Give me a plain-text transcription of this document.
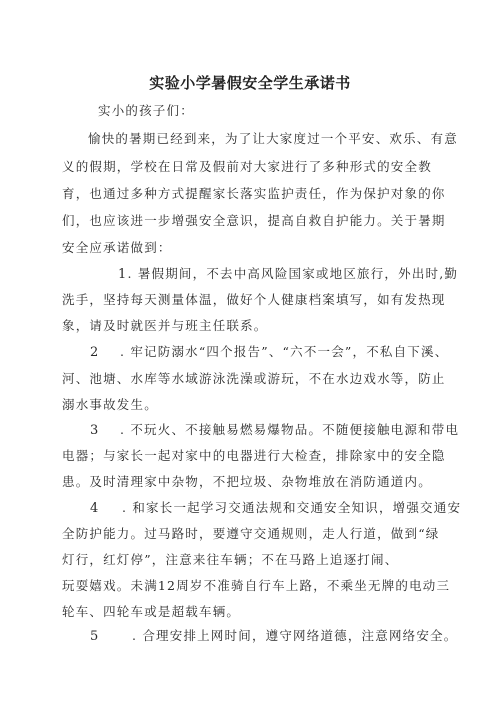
实验小学暑假安全学生承诺书
实小的孩子们：
愉快的暑期已经到来，为了让大家度过一个平安、欢乐、有意
义的假期，学校在日常及假前对大家进行了多种形式的安全教
育，也通过多种方式提醒家长落实监护责任，作为保护对象的你
们，也应该进一步增强安全意识，提高自救自护能力。关于暑期
安全应承诺做到：
1. 暑假期间，不去中高风险国家或地区旅行，外出时,勤
洗手，坚持每天测量体温，做好个人健康档案填写，如有发热现
象，请及时就医并与班主任联系。
2 . 牢记防溺水“四个报告”、“六不一会”，不私自下溪、
河、池塘、水库等水域游泳洗澡或游玩，不在水边戏水等，防止
溺水事故发生。
3 . 不玩火、不接触易燃易爆物品。不随便接触电源和带电
电器；与家长一起对家中的电器进行大检查，排除家中的安全隐
患。及时清理家中杂物，不把垃圾、杂物堆放在消防通道内。
4 . 和家长一起学习交通法规和交通安全知识，增强交通安
全防护能力。过马路时，要遵守交通规则，走人行道，做到“绿
灯行，红灯停”，注意来往车辆；不在马路上追逐打闹、
玩耍嬉戏。未满12周岁不准骑自行车上路，不乘坐无牌的电动三
轮车、四轮车或是超载车辆。
5	. 合理安排上网时间，遵守网络道德，注意网络安全。
